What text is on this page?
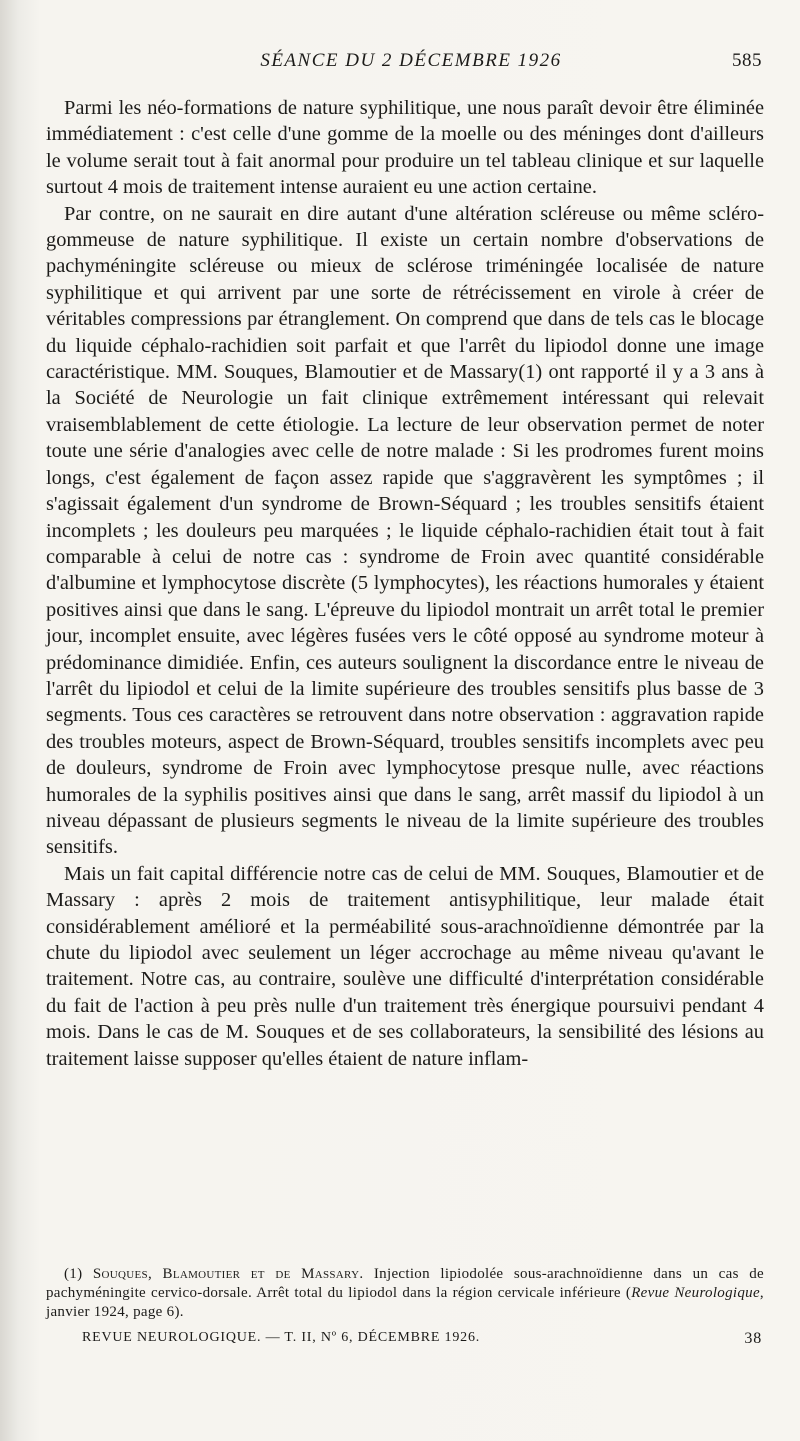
SÉANCE DU 2 DÉCEMBRE 1926	585

Parmi les néo-formations de nature syphilitique, une nous paraît devoir être éliminée immédiatement : c'est celle d'une gomme de la moelle ou des méninges dont d'ailleurs le volume serait tout à fait anormal pour produire un tel tableau clinique et sur laquelle surtout 4 mois de traitement intense auraient eu une action certaine.

Par contre, on ne saurait en dire autant d'une altération scléreuse ou même scléro-gommeuse de nature syphilitique. Il existe un certain nombre d'observations de pachyméningite scléreuse ou mieux de sclérose triméningée localisée de nature syphilitique et qui arrivent par une sorte de rétrécissement en virole à créer de véritables compressions par étranglement. On comprend que dans de tels cas le blocage du liquide céphalo-rachidien soit parfait et que l'arrêt du lipiodol donne une image caractéristique. MM. Souques, Blamoutier et de Massary(1) ont rapporté il y a 3 ans à la Société de Neurologie un fait clinique extrêmement intéressant qui relevait vraisemblablement de cette étiologie. La lecture de leur observation permet de noter toute une série d'analogies avec celle de notre malade : Si les prodromes furent moins longs, c'est également de façon assez rapide que s'aggravèrent les symptômes ; il s'agissait également d'un syndrome de Brown-Séquard ; les troubles sensitifs étaient incomplets ; les douleurs peu marquées ; le liquide céphalo-rachidien était tout à fait comparable à celui de notre cas : syndrome de Froin avec quantité considérable d'albumine et lymphocytose discrète (5 lymphocytes), les réactions humorales y étaient positives ainsi que dans le sang. L'épreuve du lipiodol montrait un arrêt total le premier jour, incomplet ensuite, avec légères fusées vers le côté opposé au syndrome moteur à prédominance dimidiée. Enfin, ces auteurs soulignent la discordance entre le niveau de l'arrêt du lipiodol et celui de la limite supérieure des troubles sensitifs plus basse de 3 segments. Tous ces caractères se retrouvent dans notre observation : aggravation rapide des troubles moteurs, aspect de Brown-Séquard, troubles sensitifs incomplets avec peu de douleurs, syndrome de Froin avec lymphocytose presque nulle, avec réactions humorales de la syphilis positives ainsi que dans le sang, arrêt massif du lipiodol à un niveau dépassant de plusieurs segments le niveau de la limite supérieure des troubles sensitifs.

Mais un fait capital différencie notre cas de celui de MM. Souques, Blamoutier et de Massary : après 2 mois de traitement antisyphilitique, leur malade était considérablement amélioré et la perméabilité sous-arachnoïdienne démontrée par la chute du lipiodol avec seulement un léger accrochage au même niveau qu'avant le traitement. Notre cas, au contraire, soulève une difficulté d'interprétation considérable du fait de l'action à peu près nulle d'un traitement très énergique poursuivi pendant 4 mois. Dans le cas de M. Souques et de ses collaborateurs, la sensibilité des lésions au traitement laisse supposer qu'elles étaient de nature inflam-

(1) Souques, Blamoutier et de Massary. Injection lipiodolée sous-arachnoïdienne dans un cas de pachyméningite cervico-dorsale. Arrêt total du lipiodol dans la région cervicale inférieure (Revue Neurologique, janvier 1924, page 6).

REVUE NEUROLOGIQUE. — T. II, Nº 6, DÉCEMBRE 1926.	38
